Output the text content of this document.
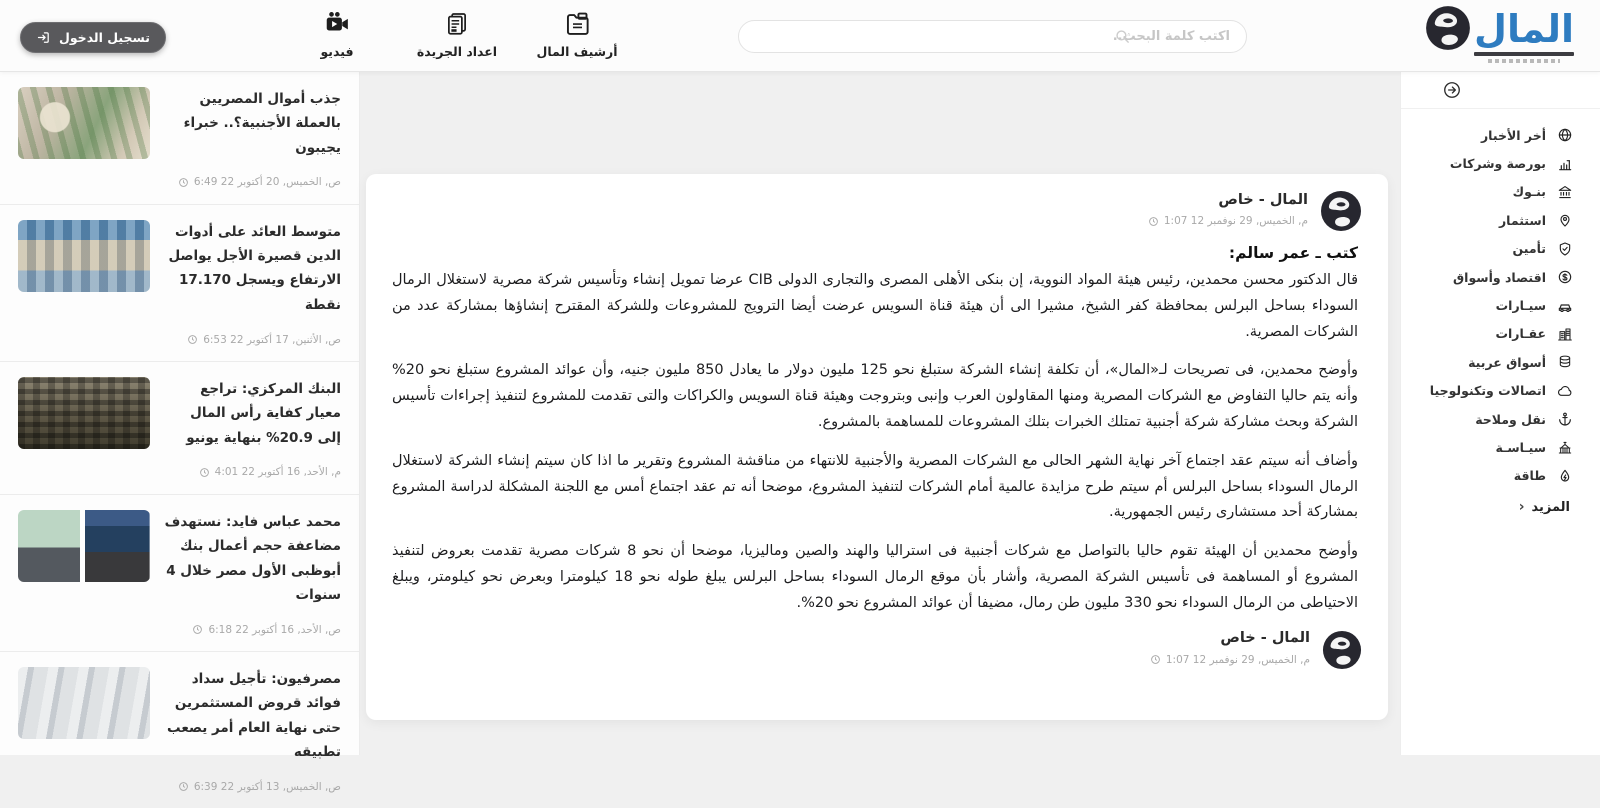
المال
اكتب كلمة البحث..
أرشيف المال
اعداد الجريدة
فيديو
تسجيل الدخول
أخر الأخبار
بورصة وشركات
بنـوك
استثمار
تأمين
اقتصاد وأسواق
سيـارات
عقـارات
أسواق عربية
اتصالات وتكنولوجيا
نقل وملاحة
سيـاسـة
طاقة
المزيد
‹
جذب أموال المصريين بالعملة الأجنبية؟.. خبراء يجيبون
6:49 ص, الخميس, 20 أكتوبر 22
متوسط العائد على أدوات الدين قصيرة الأجل يواصل الارتفاع ويسجل 17.170 نقطة
6:53 ص, الأثنين, 17 أكتوبر 22
البنك المركزي: تراجع معيار كفاية رأس المال إلى 20.9% بنهاية يونيو
4:01 م, الأحد, 16 أكتوبر 22
محمد عباس فايد: نستهدف مضاعفة حجم أعمال بنك أبوظبى الأول مصر خلال 4 سنوات
6:18 ص, الأحد, 16 أكتوبر 22
مصرفيون: تأجيل سداد فوائد قروض المستثمرين حتى نهاية العام أمر يصعب تطبيقه
6:39 ص, الخميس, 13 أكتوبر 22
المال - خاص
1:07 م, الخميس, 29 نوفمبر 12
كتب ـ عمر سالم:

قال الدكتور محسن محمدين، رئيس هيئة المواد النووية، إن بنكى الأهلى المصرى والتجارى الدولى CIB عرضا تمويل إنشاء وتأسيس شركة مصرية لاستغلال الرمال السوداء بساحل البرلس بمحافظة كفر الشيخ، مشيرا الى أن هيئة قناة السويس عرضت أيضا الترويج للمشروعات وللشركة المقترح إنشاؤها بمشاركة عدد من الشركات المصرية.

وأوضح محمدين، فى تصريحات لـ«المال»، أن تكلفة إنشاء الشركة ستبلغ نحو 125 مليون دولار ما يعادل 850 مليون جنيه، وأن عوائد المشروع ستبلغ نحو 20% وأنه يتم حاليا التفاوض مع الشركات المصرية ومنها المقاولون العرب وإنبى وبتروجت وهيئة قناة السويس والكراكات والتى تقدمت للمشروع لتنفيذ إجراءات تأسيس الشركة وبحث مشاركة شركة أجنبية تمتلك الخبرات بتلك المشروعات للمساهمة بالمشروع.

وأضاف أنه سيتم عقد اجتماع آخر نهاية الشهر الحالى مع الشركات المصرية والأجنبية للانتهاء من مناقشة المشروع وتقرير ما اذا كان سيتم إنشاء الشركة لاستغلال الرمال السوداء بساحل البرلس أم سيتم طرح مزايدة عالمية أمام الشركات لتنفيذ المشروع، موضحا أنه تم عقد اجتماع أمس مع اللجنة المشكلة لدراسة المشروع بمشاركة أحد مستشارى رئيس الجمهورية.

وأوضح محمدين أن الهيئة تقوم حاليا بالتواصل مع شركات أجنبية فى استراليا والهند والصين وماليزيا، موضحا أن نحو 8 شركات مصرية تقدمت بعروض لتنفيذ المشروع أو المساهمة فى تأسيس الشركة المصرية، وأشار بأن موقع الرمال السوداء بساحل البرلس يبلغ طوله نحو 18 كيلومترا وبعرض نحو كيلومتر، ويبلغ الاحتياطى من الرمال السوداء نحو 330 مليون طن رمال، مضيفا أن عوائد المشروع نحو 20%.

المال - خاص
1:07 م, الخميس, 29 نوفمبر 12
